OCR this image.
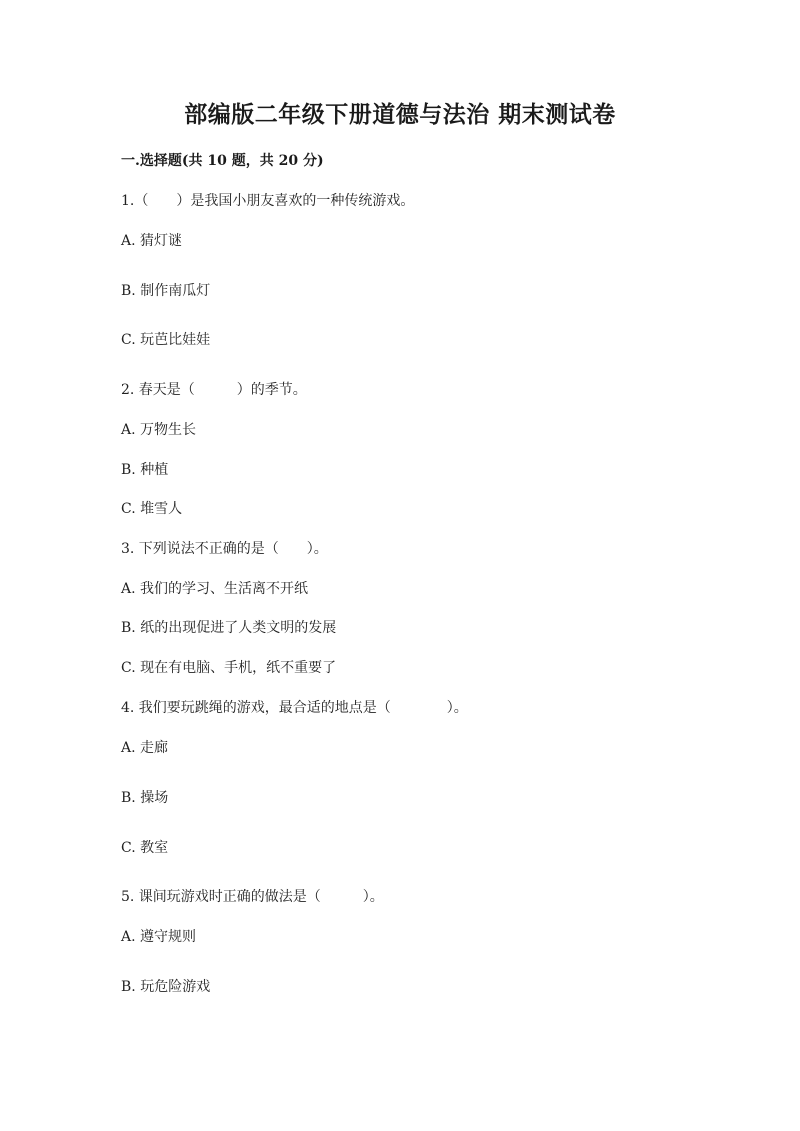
部编版二年级下册道德与法治 期末测试卷
一.选择题(共 10 题，共 20 分)
1.（　　）是我国小朋友喜欢的一种传统游戏。
A. 猜灯谜
B. 制作南瓜灯
C. 玩芭比娃娃
2. 春天是（　　　）的季节。
A. 万物生长
B. 种植
C. 堆雪人
3. 下列说法不正确的是（　　）。
A. 我们的学习、生活离不开纸
B. 纸的出现促进了人类文明的发展
C. 现在有电脑、手机，纸不重要了
4. 我们要玩跳绳的游戏，最合适的地点是（　　　　）。
A. 走廊
B. 操场
C. 教室
5. 课间玩游戏时正确的做法是（　　　）。
A. 遵守规则
B. 玩危险游戏
